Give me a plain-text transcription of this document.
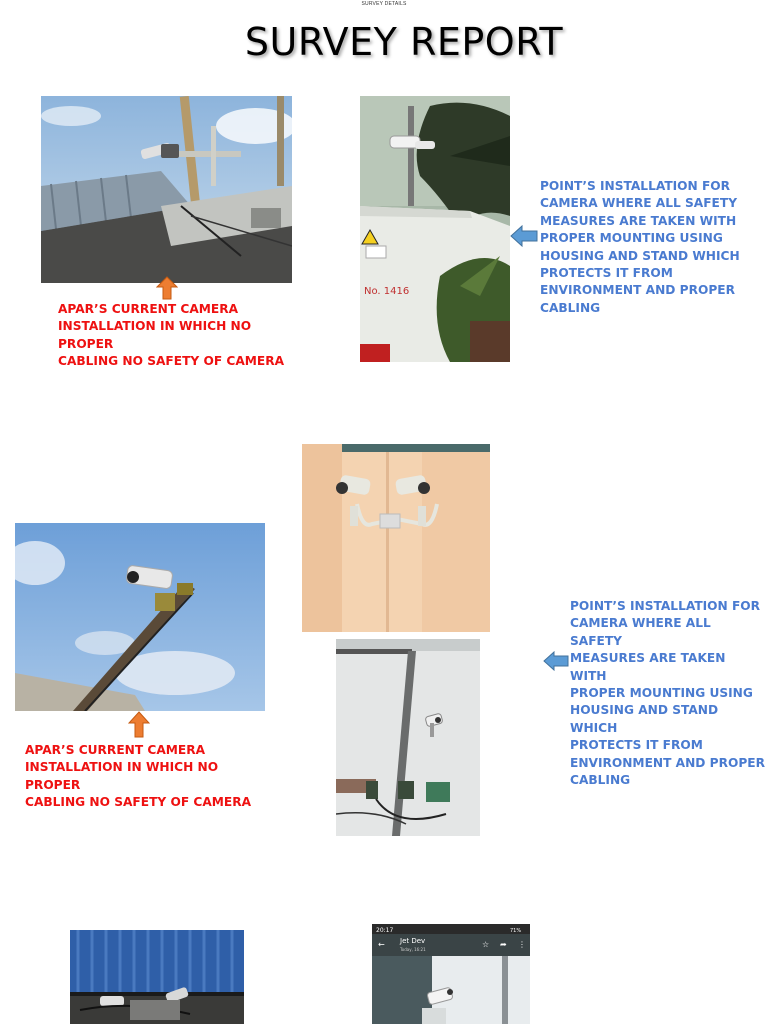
SURVEY DETAILS
SURVEY REPORT
APAR’S CURRENT CAMERA
INSTALLATION IN WHICH NO PROPER
CABLING NO SAFETY OF CAMERA
No. 1416
POINT’S INSTALLATION FOR
CAMERA WHERE ALL SAFETY
MEASURES ARE TAKEN WITH
PROPER MOUNTING USING
HOUSING AND STAND WHICH
PROTECTS IT FROM
ENVIRONMENT AND PROPER
CABLING
APAR’S CURRENT CAMERA
INSTALLATION IN WHICH NO PROPER
CABLING NO SAFETY OF CAMERA
POINT’S INSTALLATION FOR
CAMERA WHERE ALL SAFETY
MEASURES ARE TAKEN WITH
PROPER MOUNTING USING
HOUSING AND STAND WHICH
PROTECTS IT FROM
ENVIRONMENT AND PROPER
CABLING
20:17	71%
← Jet Dev
Today, 16:21
☆ ➦ ⋮
